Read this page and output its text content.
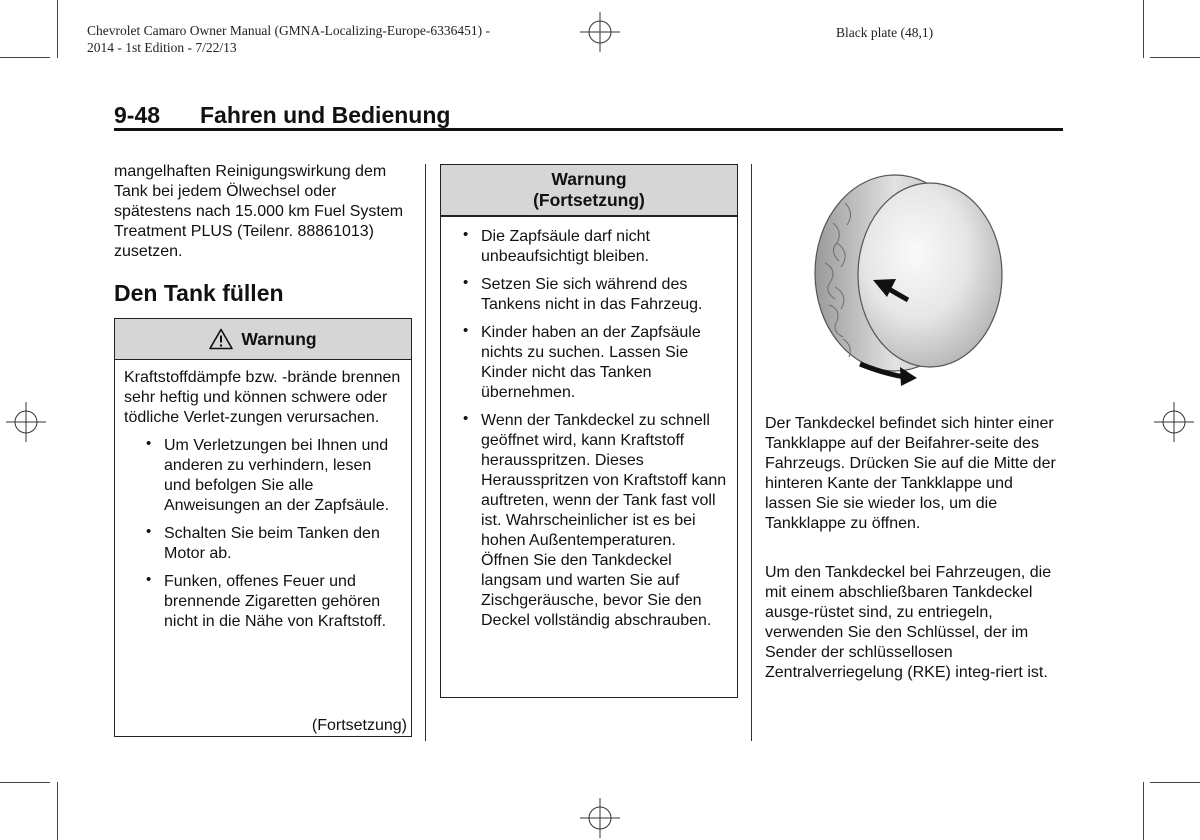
Chevrolet Camaro Owner Manual (GMNA-Localizing-Europe-6336451) -
2014 - 1st Edition - 7/22/13
Black plate (48,1)
9-48 Fahren und Bedienung
mangelhaften Reinigungswirkung dem Tank bei jedem Ölwechsel oder spätestens nach 15.000 km Fuel System Treatment PLUS (Teilenr. 88861013) zusetzen.
Den Tank füllen
Warnung
Kraftstoffdämpfe bzw. -brände brennen sehr heftig und können schwere oder tödliche Verlet-zungen verursachen.
• Um Verletzungen bei Ihnen und anderen zu verhindern, lesen und befolgen Sie alle Anweisungen an der Zapfsäule.
• Schalten Sie beim Tanken den Motor ab.
• Funken, offenes Feuer und brennende Zigaretten gehören nicht in die Nähe von Kraftstoff.
(Fortsetzung)
Warnung
(Fortsetzung)
• Die Zapfsäule darf nicht unbeaufsichtigt bleiben.
• Setzen Sie sich während des Tankens nicht in das Fahrzeug.
• Kinder haben an der Zapfsäule nichts zu suchen. Lassen Sie Kinder nicht das Tanken übernehmen.
• Wenn der Tankdeckel zu schnell geöffnet wird, kann Kraftstoff herausspritzen. Dieses Herausspritzen von Kraftstoff kann auftreten, wenn der Tank fast voll ist. Wahrscheinlicher ist es bei hohen Außentemperaturen. Öffnen Sie den Tankdeckel langsam und warten Sie auf Zischgeräusche, bevor Sie den Deckel vollständig abschrauben.
Der Tankdeckel befindet sich hinter einer Tankklappe auf der Beifahrer-seite des Fahrzeugs. Drücken Sie auf die Mitte der hinteren Kante der Tankklappe und lassen Sie sie wieder los, um die Tankklappe zu öffnen.
Um den Tankdeckel bei Fahrzeugen, die mit einem abschließbaren Tankdeckel ausge-rüstet sind, zu entriegeln, verwenden Sie den Schlüssel, der im Sender der schlüssellosen Zentralverriegelung (RKE) integ-riert ist.
